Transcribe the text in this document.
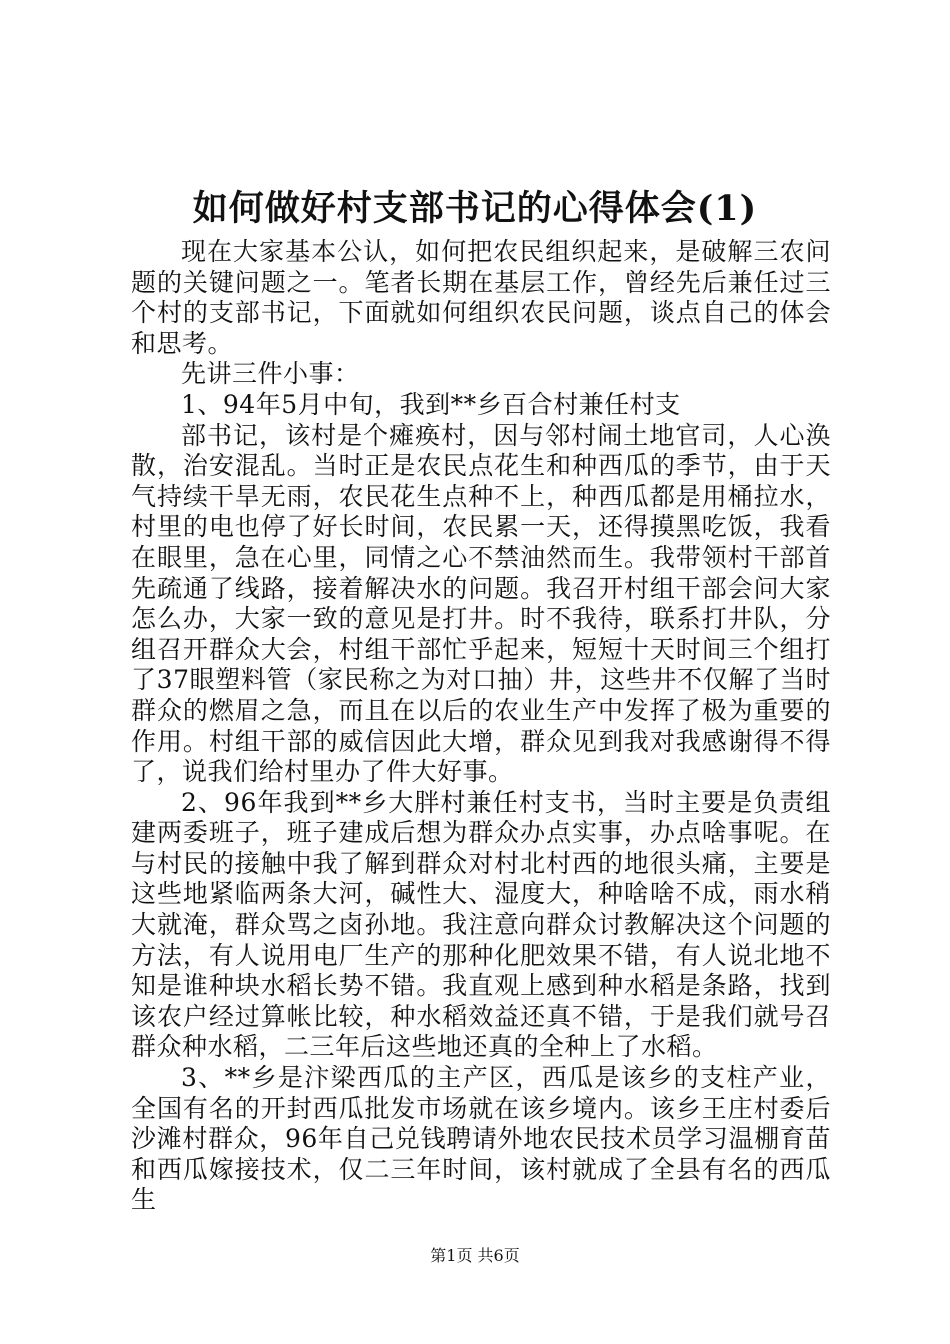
如何做好村支部书记的心得体会(1)

现在大家基本公认，如何把农民组织起来，是破解三农问题的关键问题之一。笔者长期在基层工作，曾经先后兼任过三个村的支部书记，下面就如何组织农民问题，谈点自己的体会和思考。

先讲三件小事：

1、94年5月中旬，我到**乡百合村兼任村支

部书记，该村是个瘫痪村，因与邻村闹土地官司，人心涣散，治安混乱。当时正是农民点花生和种西瓜的季节，由于天气持续干旱无雨，农民花生点种不上，种西瓜都是用桶拉水，村里的电也停了好长时间，农民累一天，还得摸黑吃饭，我看在眼里，急在心里，同情之心不禁油然而生。我带领村干部首先疏通了线路，接着解决水的问题。我召开村组干部会问大家怎么办，大家一致的意见是打井。时不我待，联系打井队，分组召开群众大会，村组干部忙乎起来，短短十天时间三个组打了37眼塑料管（家民称之为对口抽）井，这些井不仅解了当时群众的燃眉之急，而且在以后的农业生产中发挥了极为重要的作用。村组干部的威信因此大增，群众见到我对我感谢得不得了，说我们给村里办了件大好事。

2、96年我到**乡大胖村兼任村支书，当时主要是负责组建两委班子，班子建成后想为群众办点实事，办点啥事呢。在与村民的接触中我了解到群众对村北村西的地很头痛，主要是这些地紧临两条大河，碱性大、湿度大，种啥啥不成，雨水稍大就淹，群众骂之卤孙地。我注意向群众讨教解决这个问题的方法，有人说用电厂生产的那种化肥效果不错，有人说北地不知是谁种块水稻长势不错。我直观上感到种水稻是条路，找到该农户经过算帐比较，种水稻效益还真不错，于是我们就号召群众种水稻，二三年后这些地还真的全种上了水稻。

3、**乡是汴梁西瓜的主产区，西瓜是该乡的支柱产业，全国有名的开封西瓜批发市场就在该乡境内。该乡王庄村委后沙滩村群众，96年自己兑钱聘请外地农民技术员学习温棚育苗和西瓜嫁接技术，仅二三年时间，该村就成了全县有名的西瓜生

第1页 共6页
